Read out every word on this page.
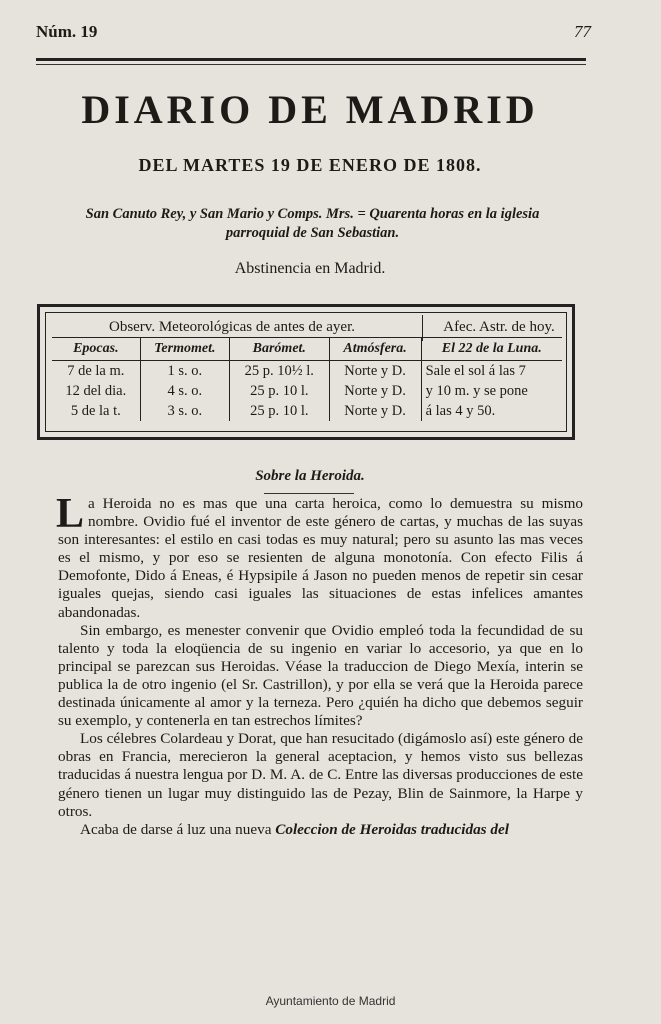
Núm. 19	77
DIARIO DE MADRID
DEL MARTES 19 DE ENERO DE 1808.
San Canuto Rey, y San Mario y Comps. Mrs. = Quarenta horas en la iglesia parroquial de San Sebastian.
Abstinencia en Madrid.
Observ. Meteorológicas de antes de ayer.	Afec. Astr. de hoy.
Epocas.	Termomet.	Barómet.	Atmósfera.	El 22 de la Luna.
7 de la m.	1 s. o.	25 p. 10½ l.	Norte y D.	Sale el sol á las 7
12 del dia.	4 s. o.	25 p. 10 l.	Norte y D.	y 10 m. y se pone
5 de la t.	3 s. o.	25 p. 10 l.	Norte y D.	á las 4 y 50.
Sobre la Heroida.

La Heroida no es mas que una carta heroica, como lo demuestra su mismo nombre. Ovidio fué el inventor de este género de cartas, y muchas de las suyas son interesantes: el estilo en casi todas es muy natural; pero su asunto las mas veces es el mismo, y por eso se resienten de alguna monotonía. Con efecto Filis á Demofonte, Dido á Eneas, é Hypsipile á Jason no pueden menos de repetir sin cesar iguales quejas, siendo casi iguales las situaciones de estas infelices amantes abandonadas.

Sin embargo, es menester convenir que Ovidio empleó toda la fecundidad de su talento y toda la eloqüencia de su ingenio en variar lo accesorio, ya que en lo principal se parezcan sus Heroidas. Véase la traduccion de Diego Mexía, interin se publica la de otro ingenio (el Sr. Castrillon), y por ella se verá que la Heroida parece destinada únicamente al amor y la terneza. Pero ¿quién ha dicho que debemos seguir su exemplo, y contenerla en tan estrechos límites?

Los célebres Colardeau y Dorat, que han resucitado (digámoslo así) este género de obras en Francia, merecieron la general aceptacion, y hemos visto sus bellezas traducidas á nuestra lengua por D. M. A. de C. Entre las diversas producciones de este género tienen un lugar muy distinguido las de Pezay, Blin de Sainmore, la Harpe y otros.

Acaba de darse á luz una nueva Coleccion de Heroidas traducidas del

Ayuntamiento de Madrid
